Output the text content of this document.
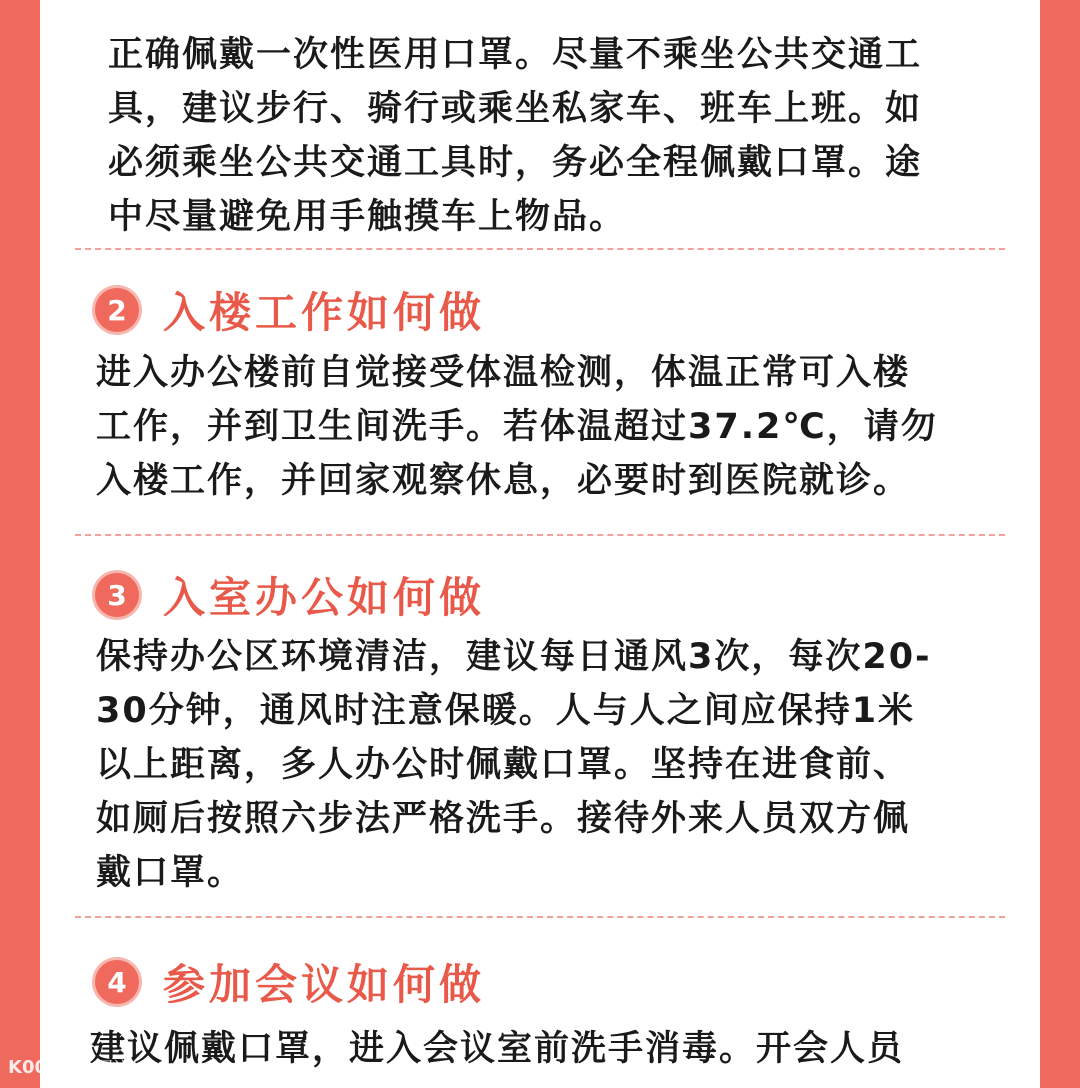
正确佩戴一次性医用口罩。尽量不乘坐公共交通工
具，建议步行、骑行或乘坐私家车、班车上班。如
必须乘坐公共交通工具时，务必全程佩戴口罩。途
中尽量避免用手触摸车上物品。

2 入楼工作如何做

进入办公楼前自觉接受体温检测，体温正常可入楼
工作，并到卫生间洗手。若体温超过37.2℃，请勿
入楼工作，并回家观察休息，必要时到医院就诊。

3 入室办公如何做

保持办公区环境清洁，建议每日通风3次，每次20-
30分钟，通风时注意保暖。人与人之间应保持1米
以上距离，多人办公时佩戴口罩。坚持在进食前、
如厕后按照六步法严格洗手。接待外来人员双方佩
戴口罩。

4 参加会议如何做

建议佩戴口罩，进入会议室前洗手消毒。开会人员

K00 大数据道
